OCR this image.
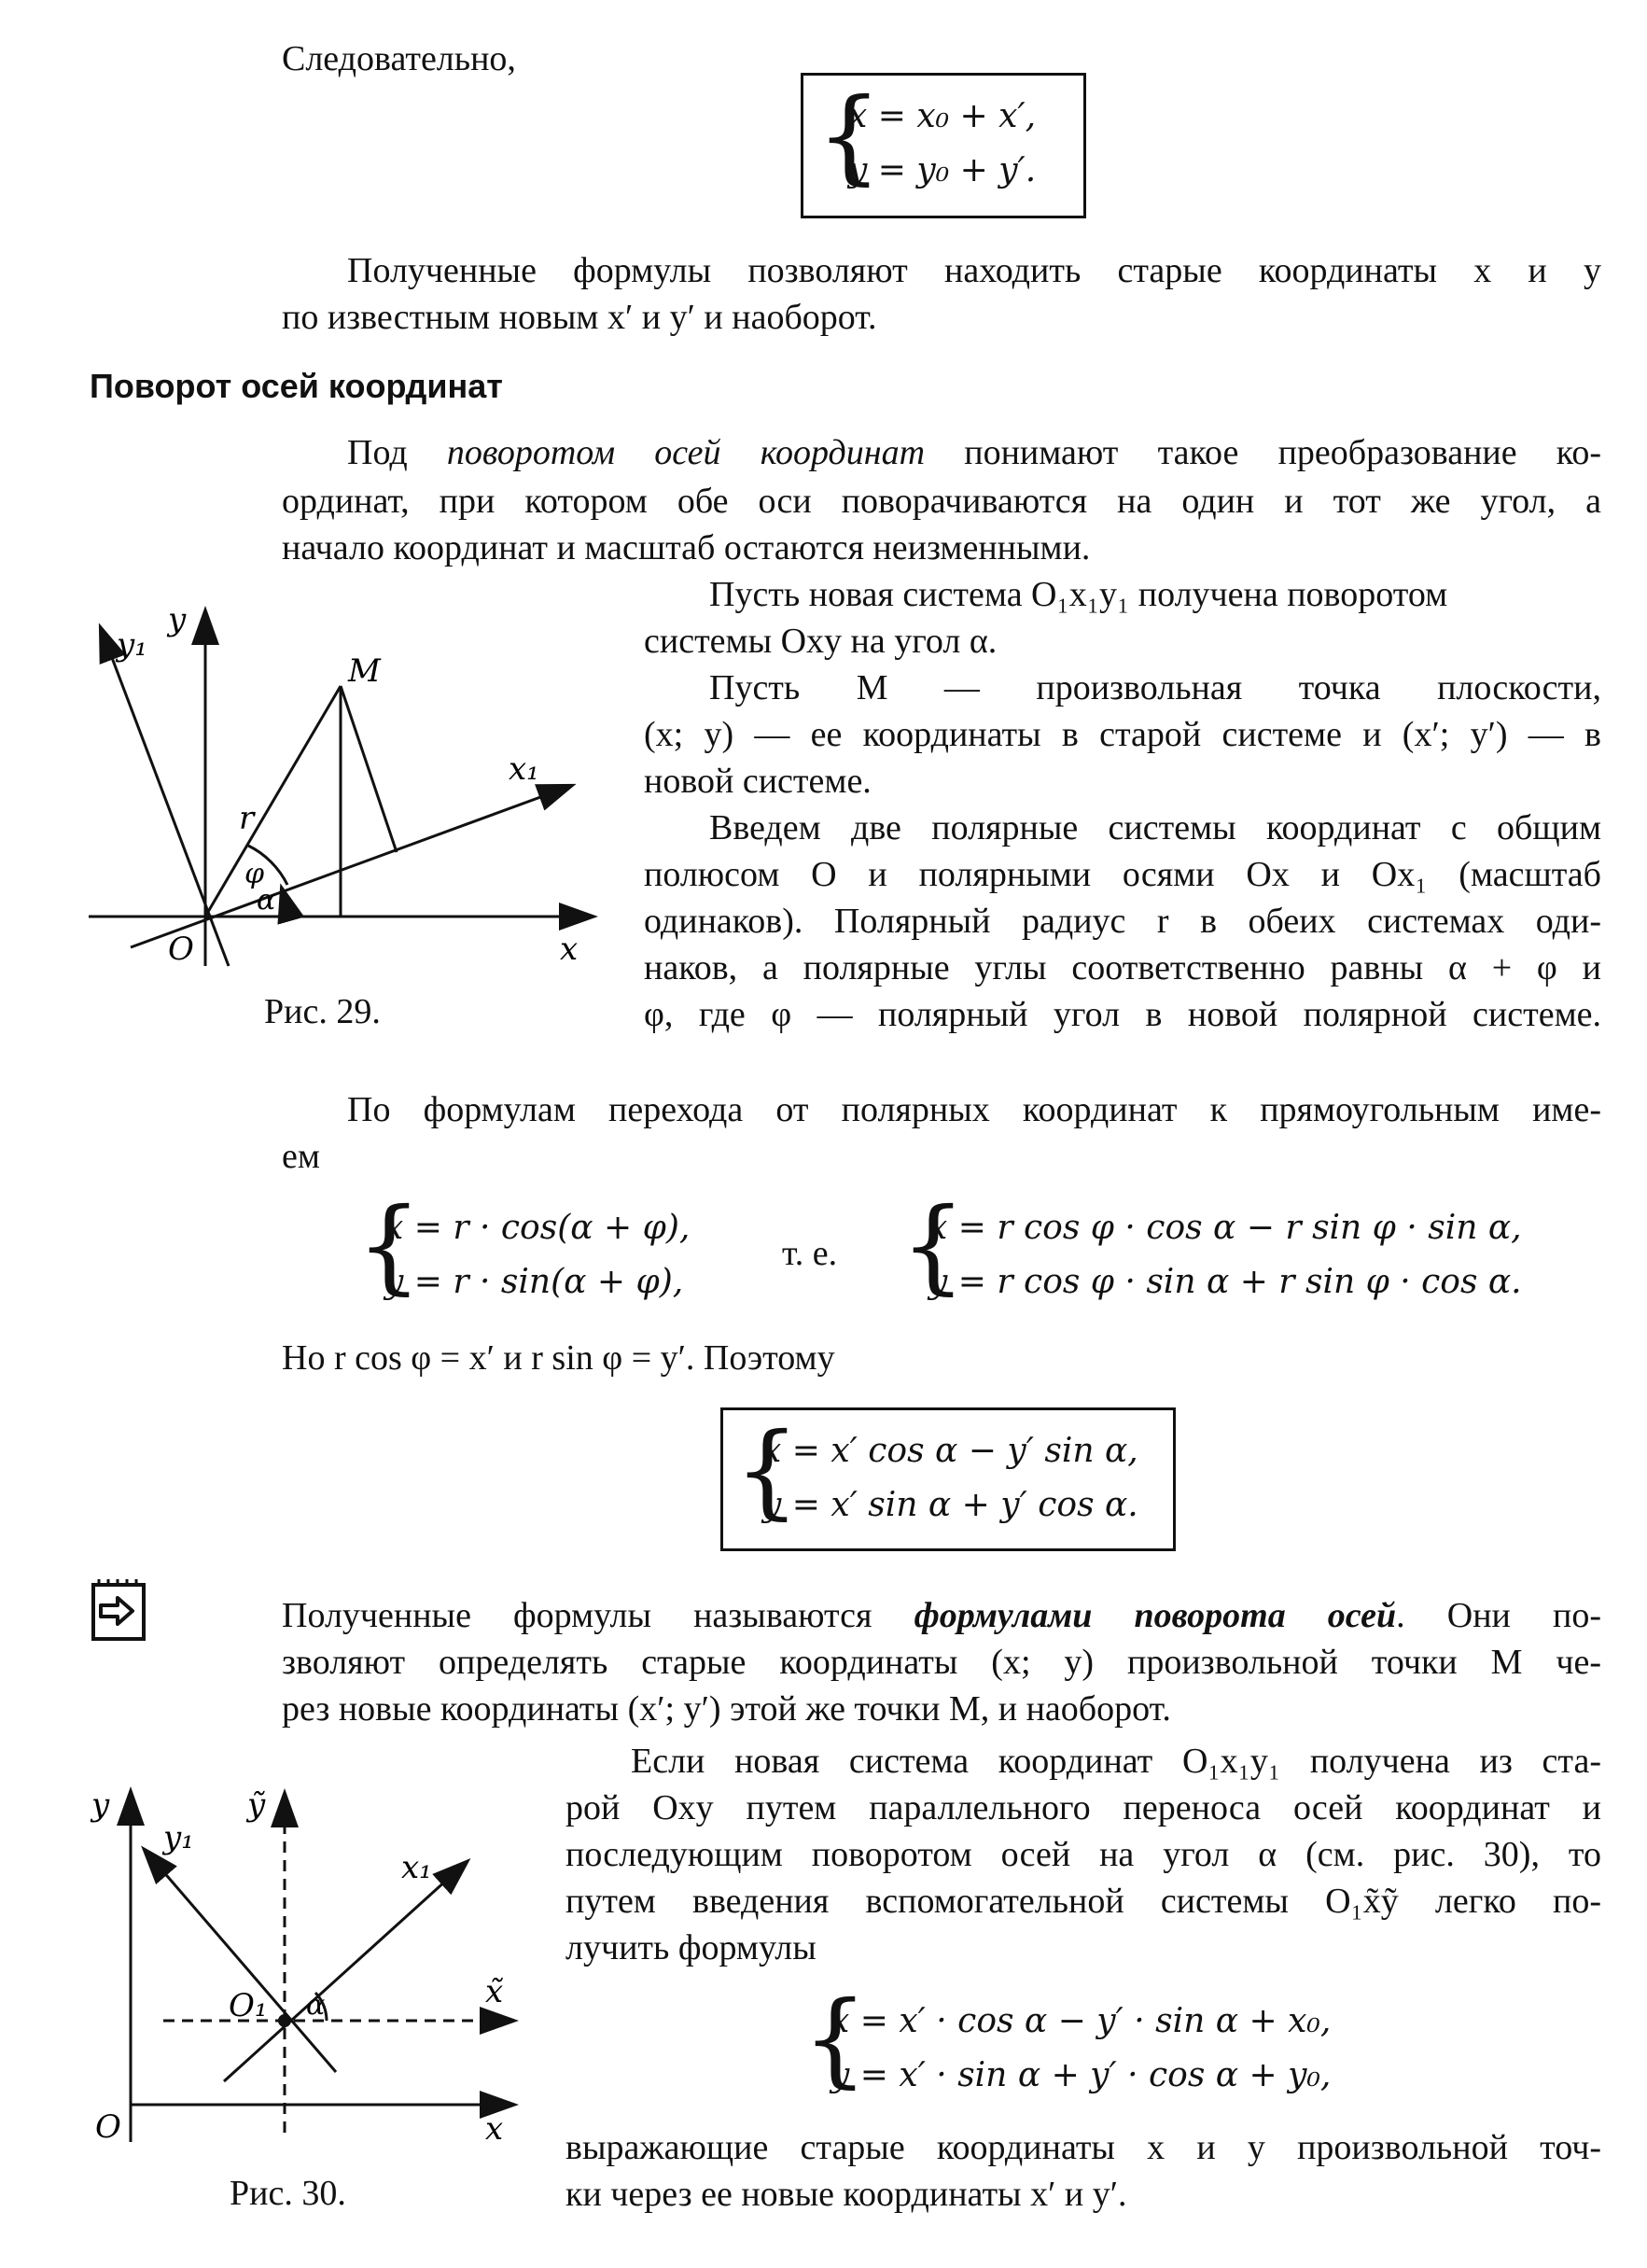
Следовательно,
{
x = x₀ + x′,
y = y₀ + y′.
Полученные формулы позволяют находить старые координаты x и y
по известным новым x′ и y′ и наоборот.
Поворот осей координат
Под поворотом осей координат понимают такое преобразование ко-
ординат, при котором обе оси поворачиваются на один и тот же угол, а
начало координат и масштаб остаются неизменными.
y
y₁
M
x₁
r
φ
α
O	x
Рис. 29.
Пусть новая система O₁x₁y₁ получена поворотом
системы Oxy на угол α.
Пусть M — произвольная точка плоскости,
(x; y) — ее координаты в старой системе и (x′; y′) — в
новой системе.
Введем две полярные системы координат с общим
полюсом O и полярными осями Ox и Ox₁ (масштаб
одинаков). Полярный радиус r в обеих системах оди-
наков, а полярные углы соответственно равны α + φ и
φ, где φ — полярный угол в новой полярной системе.
По формулам перехода от полярных координат к прямоугольным име-
ем
{
x = r · cos(α + φ),
y = r · sin(α + φ),
т. е. {
x = r cos φ · cos α − r sin φ · sin α,
y = r cos φ · sin α + r sin φ · cos α.
Но r cos φ = x′ и r sin φ = y′. Поэтому
{
x = x′ cos α − y′ sin α,
y = x′ sin α + y′ cos α.
Полученные формулы называются формулами поворота осей. Они по-
зволяют определять старые координаты (x; y) произвольной точки M че-
рез новые координаты (x′; y′) этой же точки M, и наоборот.
y	ỹ
y₁
x₁
O₁ α	x̃
O	x
Рис. 30.
Если новая система координат O₁x₁y₁ получена из ста-
рой Oxy путем параллельного переноса осей координат и
последующим поворотом осей на угол α (см. рис. 30), то
путем введения вспомогательной системы O₁x̃ỹ легко по-
лучить формулы
{
x = x′ · cos α − y′ · sin α + x₀,
y = x′ · sin α + y′ · cos α + y₀,
выражающие старые координаты x и y произвольной точ-
ки через ее новые координаты x′ и y′.
